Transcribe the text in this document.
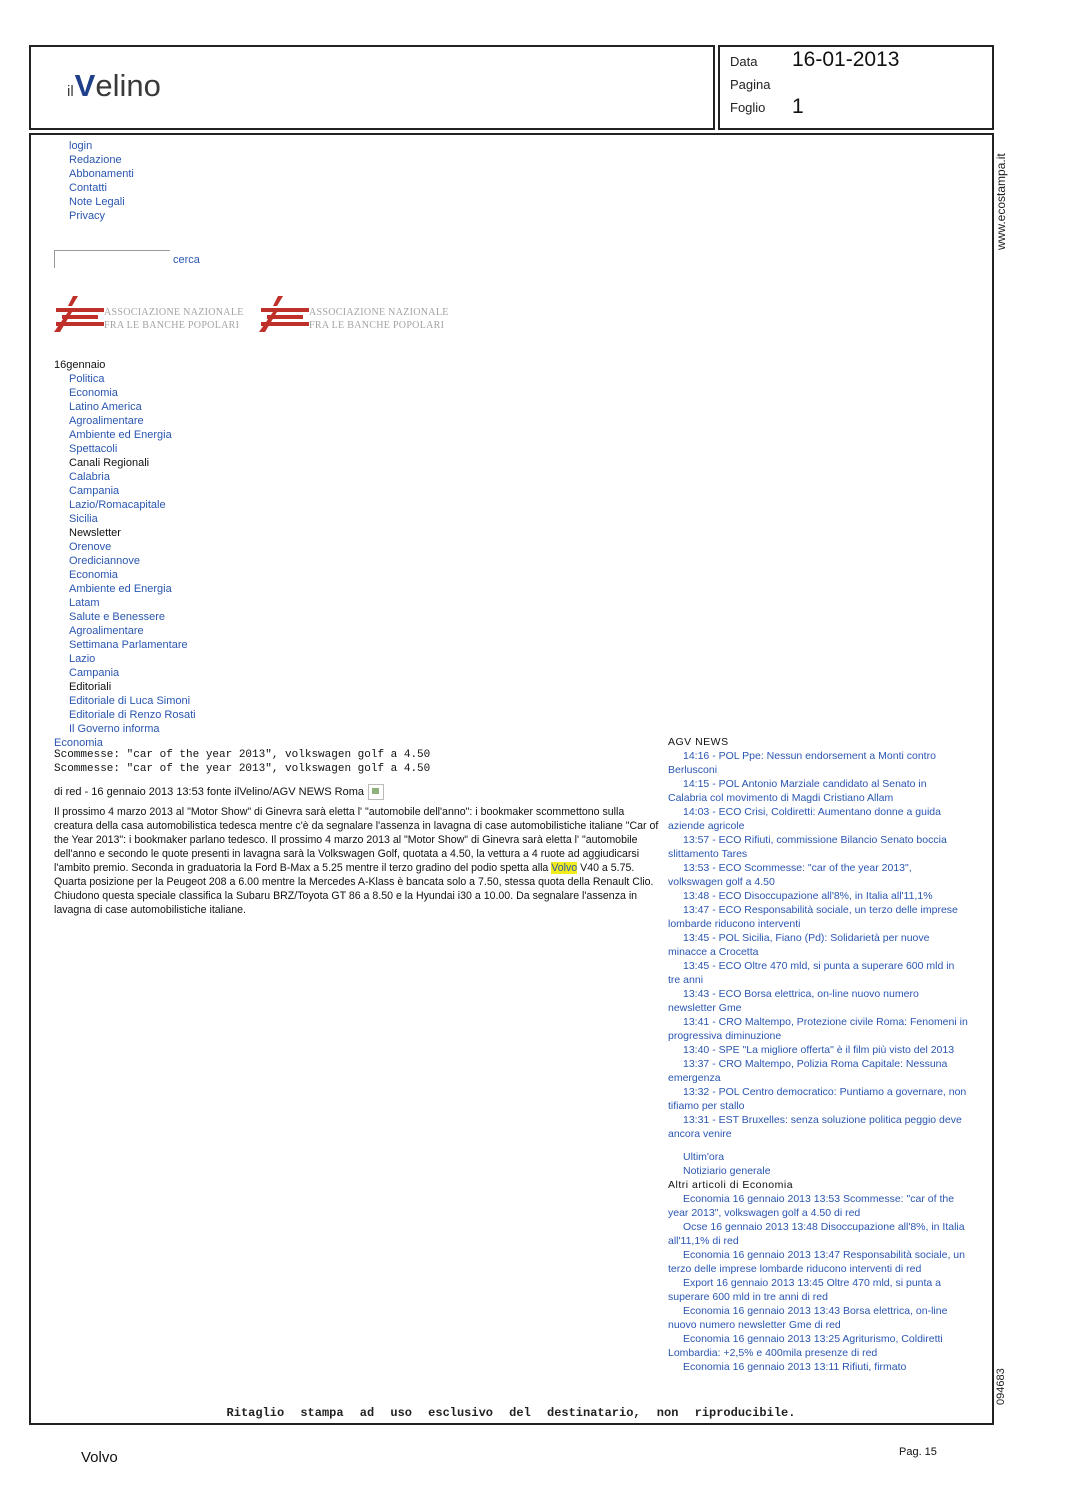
ilVelino
Data 16-01-2013
Pagina
Foglio 1
www.ecostampa.it
094683
login
Redazione
Abbonamenti
Contatti
Note Legali
Privacy
cerca
ASSOCIAZIONE NAZIONALE
FRA LE BANCHE POPOLARI
ASSOCIAZIONE NAZIONALE
FRA LE BANCHE POPOLARI
16gennaio
Politica
Economia
Latino America
Agroalimentare
Ambiente ed Energia
Spettacoli
Canali Regionali
Calabria
Campania
Lazio/Romacapitale
Sicilia
Newsletter
Orenove
Orediciannove
Economia
Ambiente ed Energia
Latam
Salute e Benessere
Agroalimentare
Settimana Parlamentare
Lazio
Campania
Editoriali
Editoriale di Luca Simoni
Editoriale di Renzo Rosati
Il Governo informa
Economia
Scommesse: "car of the year 2013", volkswagen golf a 4.50
Scommesse: "car of the year 2013", volkswagen golf a 4.50
di red - 16 gennaio 2013 13:53 fonte ilVelino/AGV NEWS Roma
Il prossimo 4 marzo 2013 al "Motor Show" di Ginevra sarà eletta l' "automobile dell'anno": i bookmaker scommettono sulla creatura della casa automobilistica tedesca mentre c'è da segnalare l'assenza in lavagna di case automobilistiche italiane "Car of the Year 2013": i bookmaker parlano tedesco. Il prossimo 4 marzo 2013 al "Motor Show" di Ginevra sarà eletta l' "automobile dell'anno e secondo le quote presenti in lavagna sarà la Volkswagen Golf, quotata a 4.50, la vettura a 4 ruote ad aggiudicarsi l'ambito premio. Seconda in graduatoria la Ford B-Max a 5.25 mentre il terzo gradino del podio spetta alla Volvo V40 a 5.75. Quarta posizione per la Peugeot 208 a 6.00 mentre la Mercedes A-Klass è bancata solo a 7.50, stessa quota della Renault Clio. Chiudono questa speciale classifica la Subaru BRZ/Toyota GT 86 a 8.50 e la Hyundai i30 a 10.00. Da segnalare l'assenza in lavagna di case automobilistiche italiane.
AGV NEWS
14:16 - POL Ppe: Nessun endorsement a Monti contro Berlusconi
14:15 - POL Antonio Marziale candidato al Senato in Calabria col movimento di Magdi Cristiano Allam
14:03 - ECO Crisi, Coldiretti: Aumentano donne a guida aziende agricole
13:57 - ECO Rifiuti, commissione Bilancio Senato boccia slittamento Tares
13:53 - ECO Scommesse: "car of the year 2013", volkswagen golf a 4.50
13:48 - ECO Disoccupazione all'8%, in Italia all'11,1%
13:47 - ECO Responsabilità sociale, un terzo delle imprese lombarde riducono interventi
13:45 - POL Sicilia, Fiano (Pd): Solidarietà per nuove minacce a Crocetta
13:45 - ECO Oltre 470 mld, si punta a superare 600 mld in tre anni
13:43 - ECO Borsa elettrica, on-line nuovo numero newsletter Gme
13:41 - CRO Maltempo, Protezione civile Roma: Fenomeni in progressiva diminuzione
13:40 - SPE "La migliore offerta" è il film più visto del 2013
13:37 - CRO Maltempo, Polizia Roma Capitale: Nessuna emergenza
13:32 - POL Centro democratico: Puntiamo a governare, non tifiamo per stallo
13:31 - EST Bruxelles: senza soluzione politica peggio deve ancora venire
Ultim'ora
Notiziario generale
Altri articoli di Economia
Economia 16 gennaio 2013 13:53 Scommesse: "car of the year 2013", volkswagen golf a 4.50 di red
Ocse 16 gennaio 2013 13:48 Disoccupazione all'8%, in Italia all'11,1% di red
Economia 16 gennaio 2013 13:47 Responsabilità sociale, un terzo delle imprese lombarde riducono interventi di red
Export 16 gennaio 2013 13:45 Oltre 470 mld, si punta a superare 600 mld in tre anni di red
Economia 16 gennaio 2013 13:43 Borsa elettrica, on-line nuovo numero newsletter Gme di red
Economia 16 gennaio 2013 13:25 Agriturismo, Coldiretti Lombardia: +2,5% e 400mila presenze di red
Economia 16 gennaio 2013 13:11 Rifiuti, firmato
Ritaglio stampa ad uso esclusivo del destinatario, non riproducibile.
Volvo	Pag. 15
